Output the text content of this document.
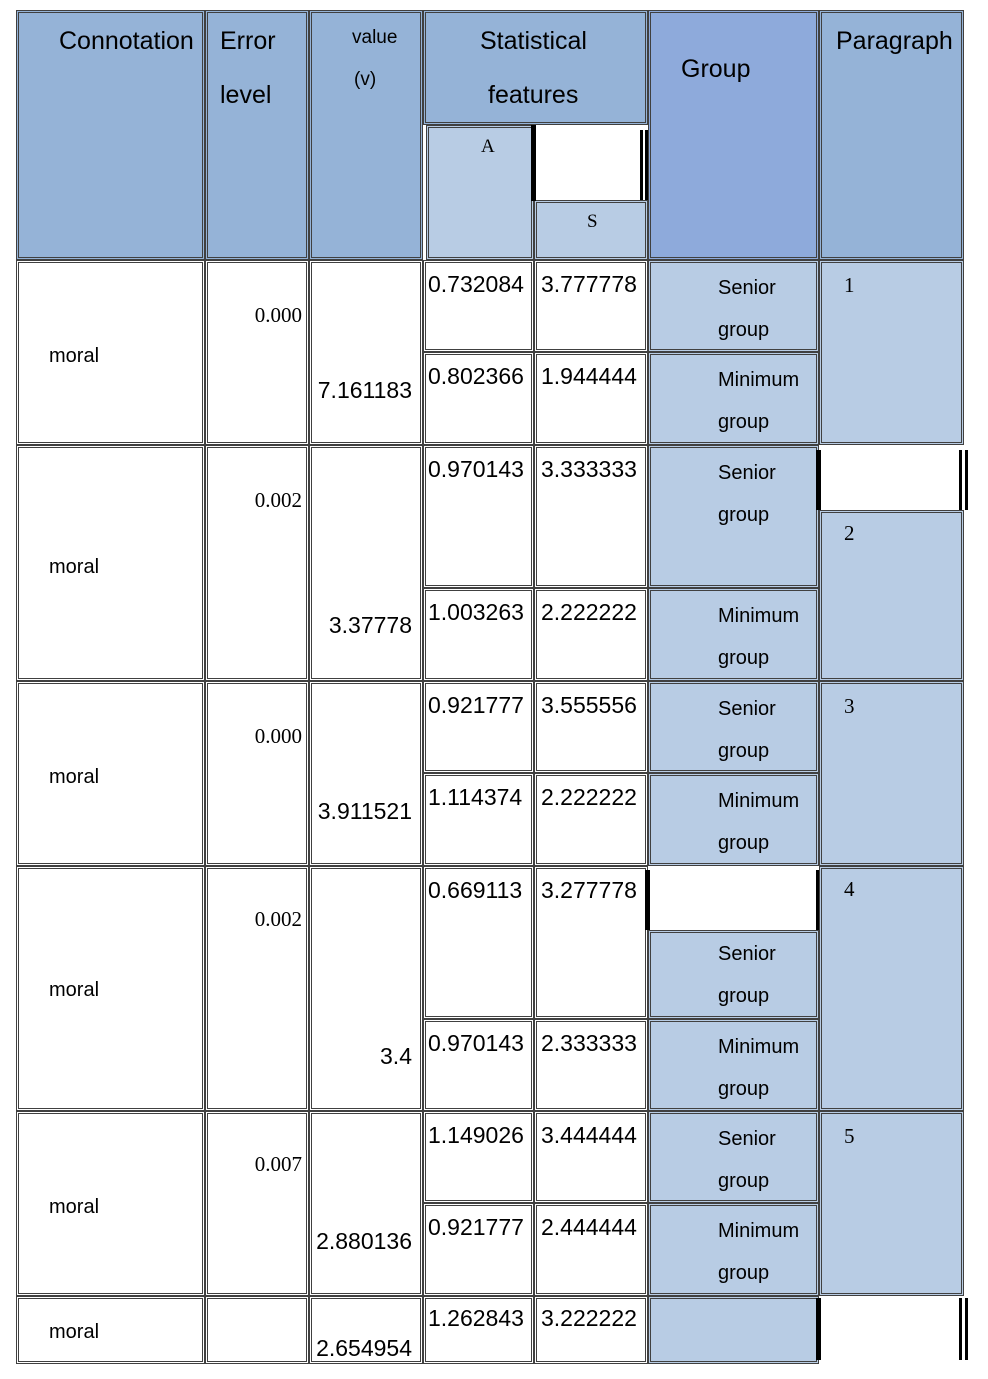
Connotation Error
level
value
(v)
Statistical
features
A
S
Group
Paragraph
moral
0.000
7.161183
0.732084 3.777778
0.802366 1.944444
Senior
group
Minimum
group
1
moral
0.002
3.37778
0.970143 3.333333
1.003263 2.222222
Senior
group
Minimum
group
2
moral
0.000
3.911521
0.921777 3.555556
1.114374 2.222222
Senior
group
Minimum
group
3
moral
0.002
3.4
0.669113 3.277778
0.970143 2.333333
Senior
group
Minimum
group
4
moral
0.007
2.880136
1.149026 3.444444
0.921777 2.444444
Senior
group
Minimum
group
5
moral
2.654954
1.262843 3.222222
